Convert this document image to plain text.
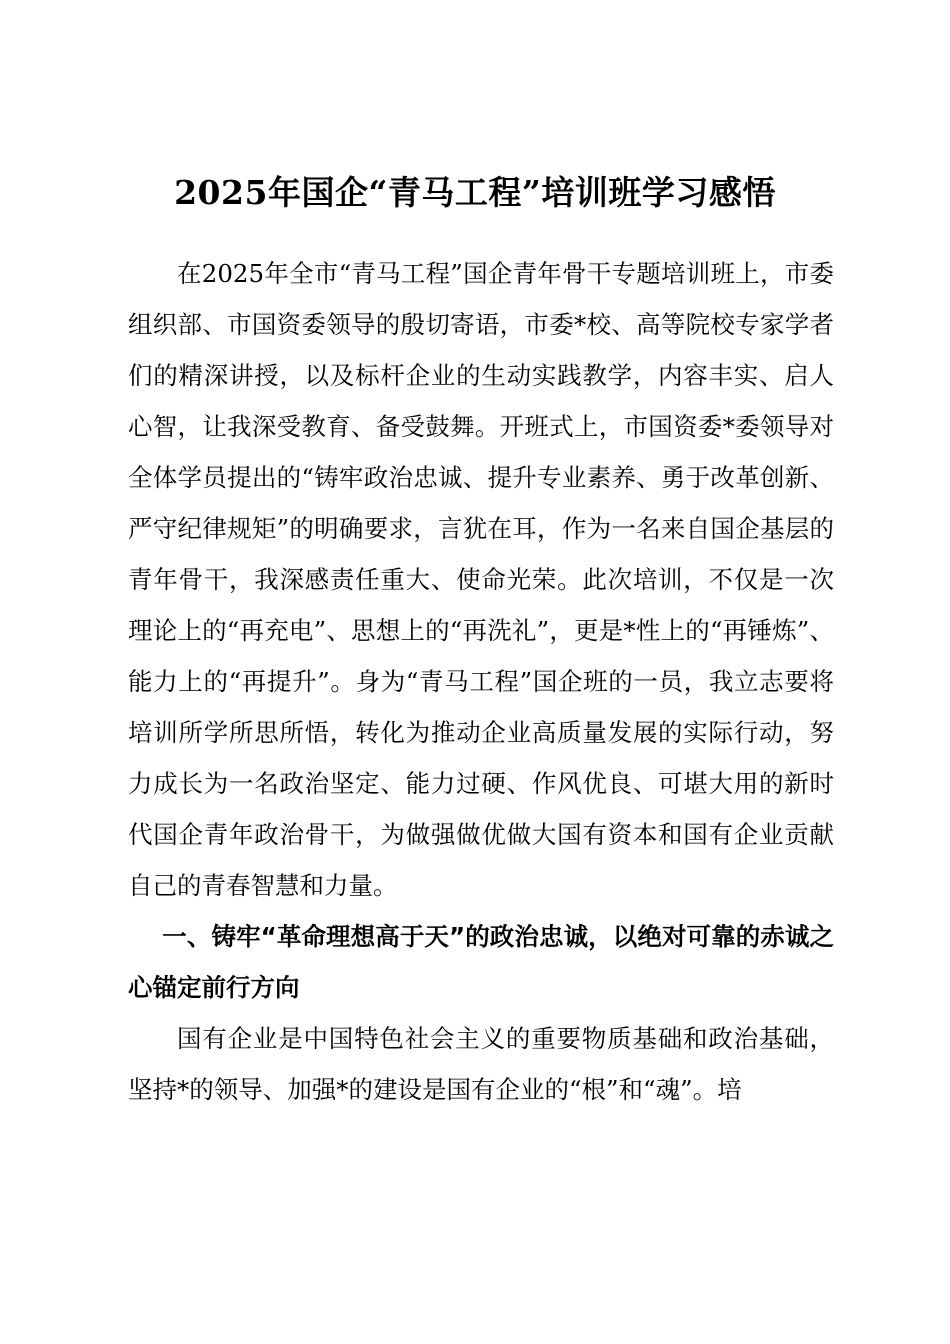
2025年国企“青马工程”培训班学习感悟

在2025年全市“青马工程”国企青年骨干专题培训班上，市委组织部、市国资委领导的殷切寄语，市委*校、高等院校专家学者们的精深讲授，以及标杆企业的生动实践教学，内容丰实、启人心智，让我深受教育、备受鼓舞。开班式上，市国资委*委领导对全体学员提出的“铸牢政治忠诚、提升专业素养、勇于改革创新、严守纪律规矩”的明确要求，言犹在耳，作为一名来自国企基层的青年骨干，我深感责任重大、使命光荣。此次培训，不仅是一次理论上的“再充电”、思想上的“再洗礼”，更是*性上的“再锤炼”、能力上的“再提升”。身为“青马工程”国企班的一员，我立志要将培训所学所思所悟，转化为推动企业高质量发展的实际行动，努力成长为一名政治坚定、能力过硬、作风优良、可堪大用的新时代国企青年政治骨干，为做强做优做大国有资本和国有企业贡献自己的青春智慧和力量。

一、铸牢“革命理想高于天”的政治忠诚，以绝对可靠的赤诚之心锚定前行方向

国有企业是中国特色社会主义的重要物质基础和政治基础，坚持*的领导、加强*的建设是国有企业的“根”和“魂”。培
